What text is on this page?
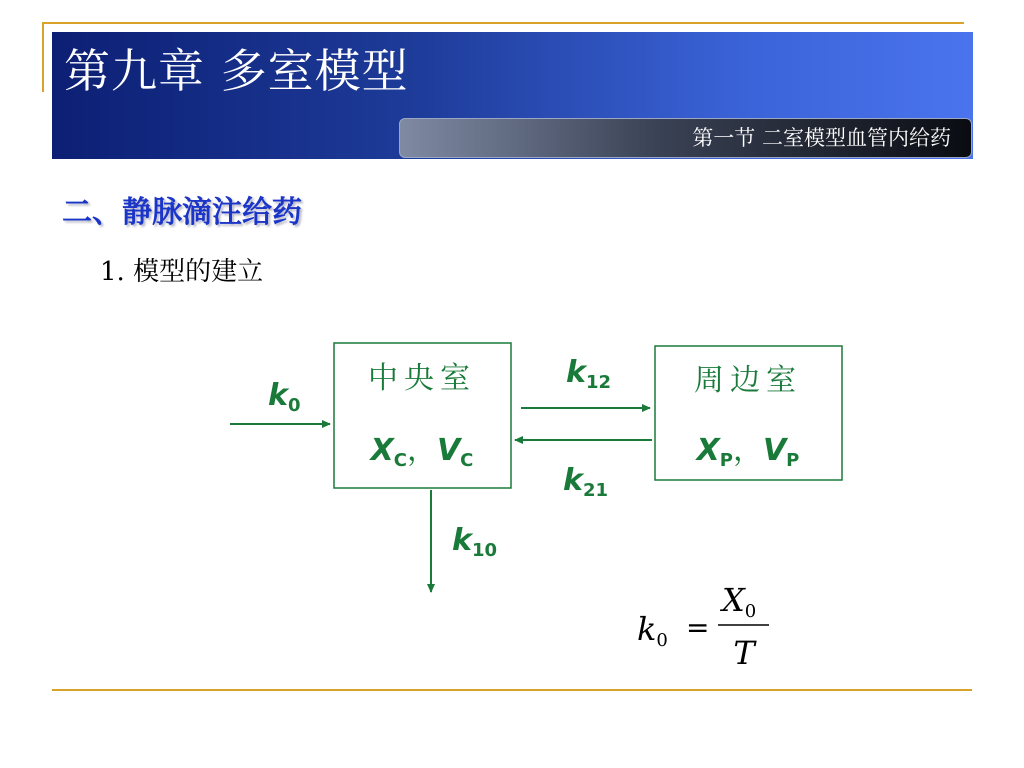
第九章 多室模型
第一节 二室模型血管内给药
二、静脉滴注给药
1. 模型的建立
中央室
$X_C$，$V_C$
周边室
$X_P$，$V_P$
$k_0$
$k_{12}$
$k_{21}$
$k_{10}$
k0 =
X0
T
